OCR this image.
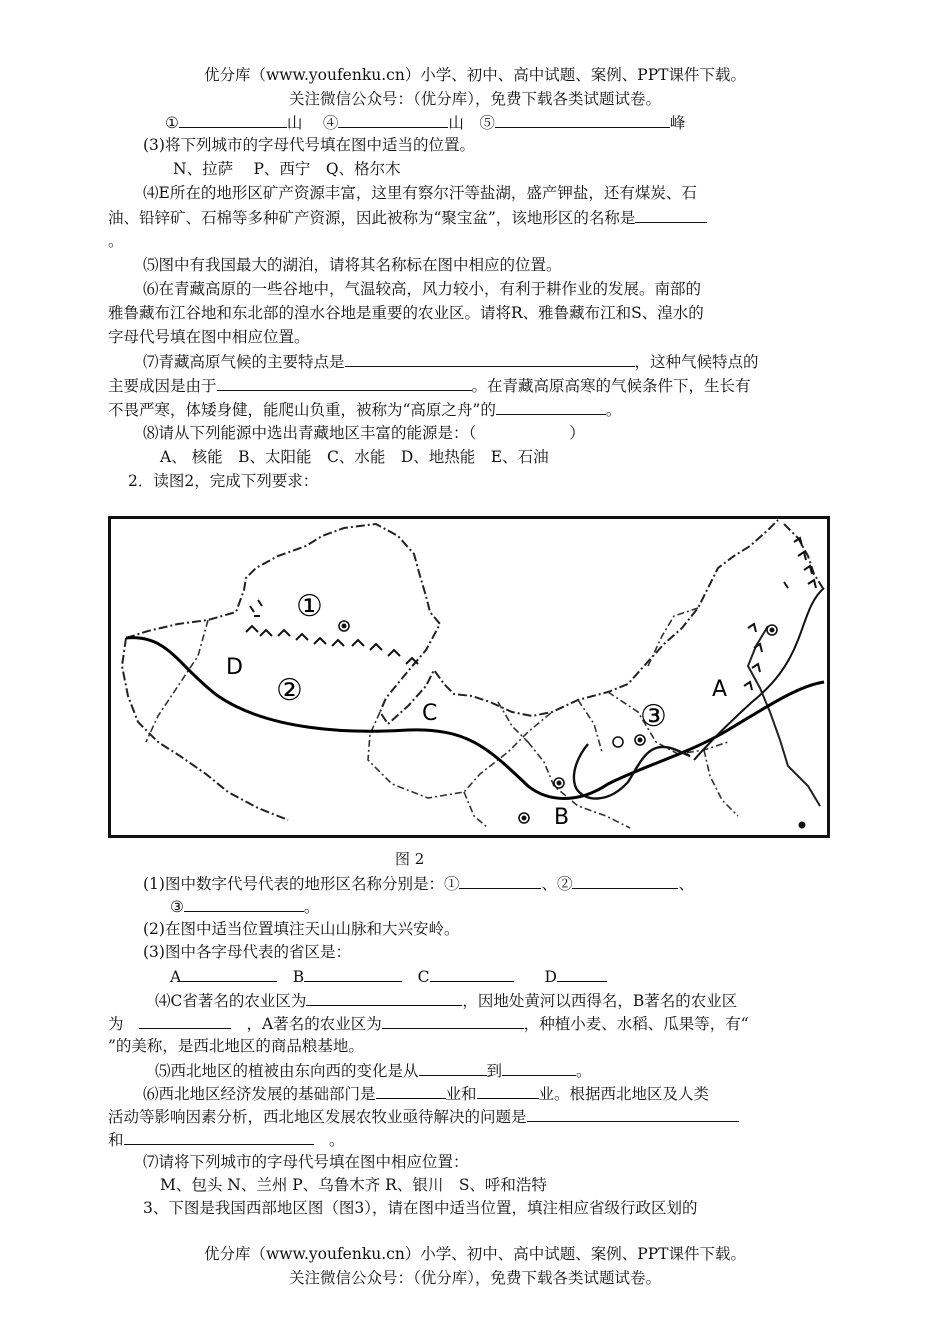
优分库（www.youfenku.cn）小学、初中、高中试题、案例、PPT课件下载。
关注微信公众号：（优分库），免费下载各类试题试卷。
①	山　 ④	山　 ⑤	峰
(3)将下列城市的字母代号填在图中适当的位置。
N、拉萨　 P、西宁　Q、格尔木
⑷E所在的地形区矿产资源丰富，这里有察尔汗等盐湖，盛产钾盐，还有煤炭、石
油、铅锌矿、石棉等多种矿产资源，因此被称为“聚宝盆”，该地形区的名称是
。
⑸图中有我国最大的湖泊，请将其名称标在图中相应的位置。
⑹在青藏高原的一些谷地中，气温较高，风力较小，有利于耕作业的发展。南部的
雅鲁藏布江谷地和东北部的湟水谷地是重要的农业区。请将R、雅鲁藏布江和S、湟水的
字母代号填在图中相应位置。
⑺青藏高原气候的主要特点是	，这种气候特点的
主要成因是由于	。在青藏高原高寒的气候条件下，生长有
不畏严寒，体矮身健，能爬山负重，被称为“高原之舟”的	。
⑻请从下列能源中选出青藏地区丰富的能源是：（　　　　　　）
A、 核能　B、太阳能　C、水能　D、地热能　E、石油
2．读图2，完成下列要求：
①
②
③
A
B
C
D
图 2
(1)图中数字代号代表的地形区名称分别是：①	、②	、
③	。
(2)在图中适当位置填注天山山脉和大兴安岭。
(3)图中各字母代表的省区是：
A　	B　	C　　	D
⑷C省著名的农业区为	，因地处黄河以西得名，B著名的农业区
为　　	，A著名的农业区为	，种植小麦、水稻、瓜果等，有“
”的美称，是西北地区的商品粮基地。
⑸西北地区的植被由东向西的变化是从	到	。
⑹西北地区经济发展的基础部门是	业和	业。根据西北地区及人类
活动等影响因素分析，西北地区发展农牧业亟待解决的问题是
和　	。
⑺请将下列城市的字母代号填在图中相应位置：
M、包头 N、兰州 P、乌鲁木齐 R、银川　S、呼和浩特
3、下图是我国西部地区图（图3），请在图中适当位置，填注相应省级行政区划的
优分库（www.youfenku.cn）小学、初中、高中试题、案例、PPT课件下载。
关注微信公众号：（优分库），免费下载各类试题试卷。
